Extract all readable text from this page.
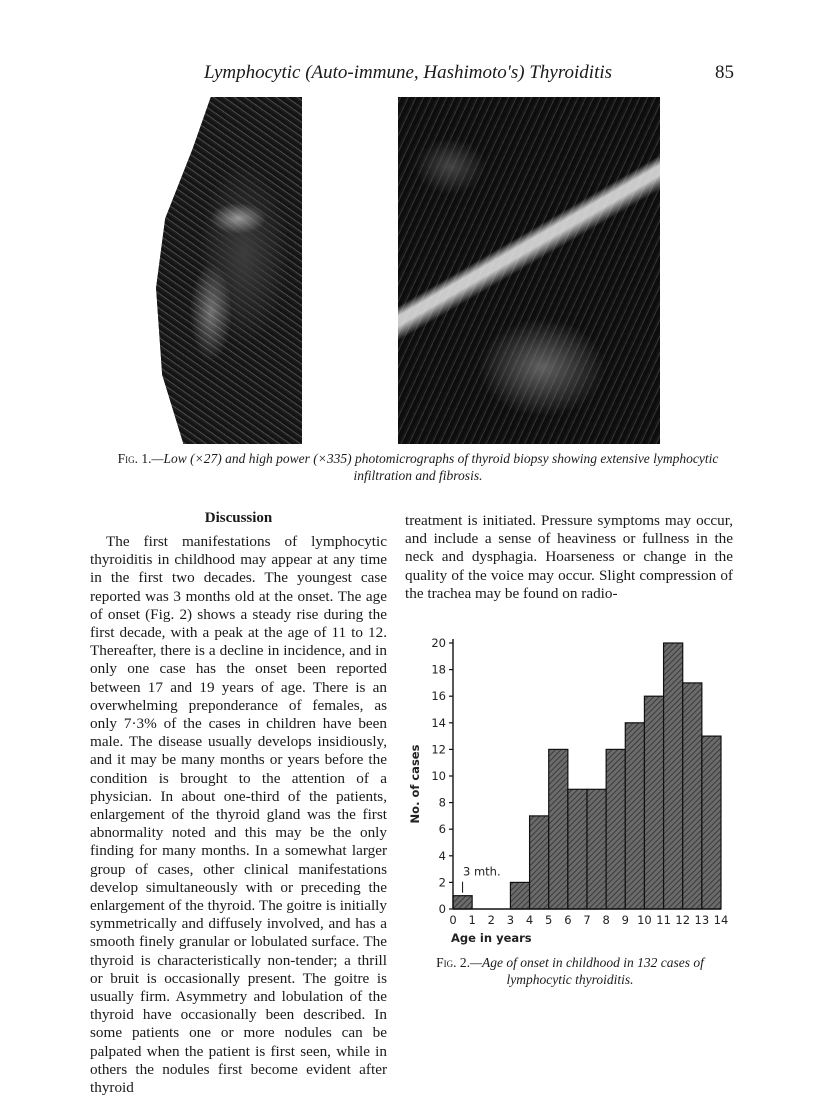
Lymphocytic (Auto-immune, Hashimoto's) Thyroiditis	85
Fig. 1.—Low (×27) and high power (×335) photomicrographs of thyroid biopsy showing extensive lymphocytic infiltration and fibrosis.
Discussion

The first manifestations of lymphocytic thyroiditis in childhood may appear at any time in the first two decades. The youngest case reported was 3 months old at the onset. The age of onset (Fig. 2) shows a steady rise during the first decade, with a peak at the age of 11 to 12. Thereafter, there is a decline in incidence, and in only one case has the onset been reported between 17 and 19 years of age. There is an overwhelming preponderance of females, as only 7·3% of the cases in children have been male. The disease usually develops insidiously, and it may be many months or years before the condition is brought to the attention of a physician. In about one-third of the patients, enlargement of the thyroid gland was the first abnormality noted and this may be the only finding for many months. In a somewhat larger group of cases, other clinical manifestations develop simultaneously with or preceding the enlargement of the thyroid. The goitre is initially symmetrically and diffusely involved, and has a smooth finely granular or lobulated surface. The thyroid is characteristically non-tender; a thrill or bruit is occasionally present. The goitre is usually firm. Asymmetry and lobulation of the thyroid have occasionally been described. In some patients one or more nodules can be palpated when the patient is first seen, while in others the nodules first become evident after thyroid

treatment is initiated. Pressure symptoms may occur, and include a sense of heaviness or fullness in the neck and dysphagia. Hoarseness or change in the quality of the voice may occur. Slight compression of the trachea may be found on radio-

0
2
4
6
8
10
12
14
16
18
20
0 1 2 3 4 5 6 7 8 9 10 11 12 13 14
Age in years
No. of cases
3 mth.
Fig. 2.—Age of onset in childhood in 132 cases of lymphocytic thyroiditis.
